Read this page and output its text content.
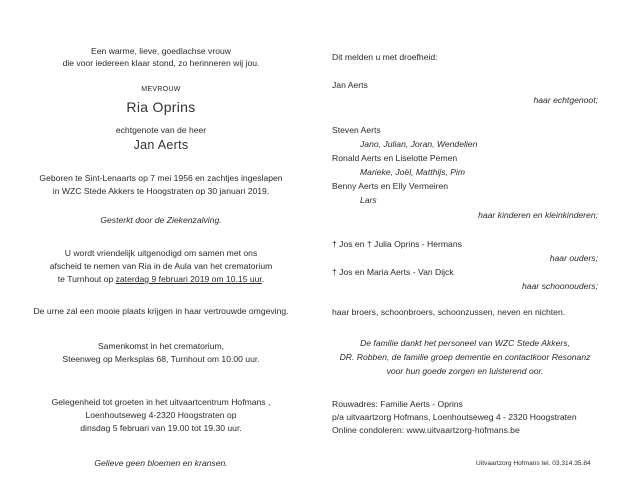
Een warme, lieve, goedlachse vrouw
die voor iedereen klaar stond, zo herinneren wij jou.
MEVROUW
Ria Oprins
echtgenote van de heer
Jan Aerts
Geboren te Sint-Lenaarts op 7 mei 1956 en zachtjes ingeslapen
in WZC Stede Akkers te Hoogstraten op 30 januari 2019.
Gesterkt door de Ziekenzalving.
U wordt vriendelijk uitgenodigd om samen met ons
afscheid te nemen van Ria in de Aula van het crematorium
te Turnhout op zaterdag 9 februari 2019 om 10.15 uur.
De urne zal een mooie plaats krijgen in haar vertrouwde omgeving.
Samenkomst in het crematorium,
Steenweg op Merksplas 68, Turnhout om 10.00 uur.
Gelegenheid tot groeten in het uitvaartcentrum Hofmans ,
Loenhoutseweg 4-2320 Hoogstraten op
dinsdag 5 februari van 19.00 tot 19.30 uur.
Gelieve geen bloemen en kransen.
Dit melden u met droefheid:
Jan Aerts
haar echtgenoot;
Steven Aerts
Jano, Julian, Joran, Wendelien
Ronald Aerts en Liselotte Pemen
Marieke, Joël, Matthijs, Pim
Benny Aerts en Elly Vermeiren
Lars
haar kinderen en kleinkinderen;
† Jos en † Julia Oprins - Hermans
haar ouders;
† Jos en Maria Aerts - Van Dijck
haar schoonouders;
haar broers, schoonbroers, schoonzussen, neven en nichten.
De familie dankt het personeel van WZC Stede Akkers,
DR. Robben, de familie groep dementie en contactkoor Resonanz
voor hun goede zorgen en luisterend oor.
Rouwadres: Familie Aerts - Oprins
p/a uitvaartzorg Hofmans, Loenhoutseweg 4 - 2320 Hoogstraten
Online condoleren: www.uitvaartzorg-hofmans.be
Uitvaartzorg Hofmans tel. 03.314.35.84
